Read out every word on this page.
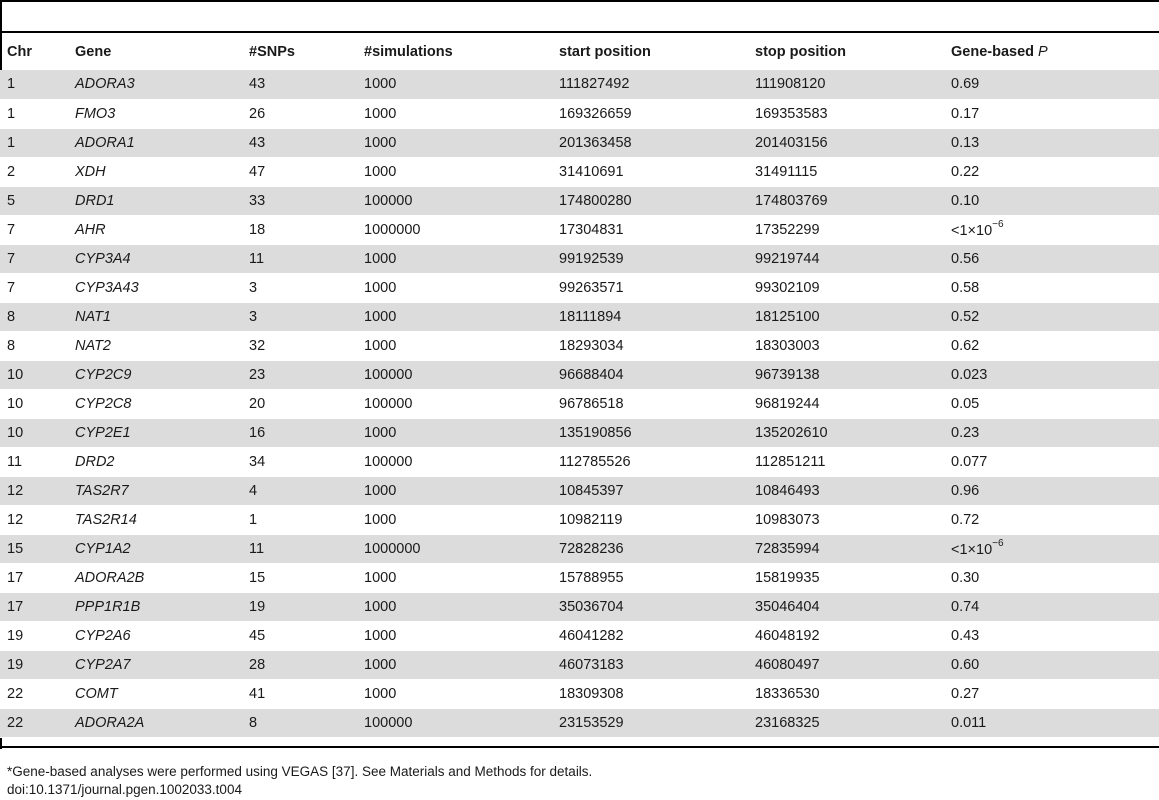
Chr	Gene	#SNPs	#simulations	start position	stop position	Gene-based P
1	ADORA3	43	1000	111827492	111908120	0.69
1	FMO3	26	1000	169326659	169353583	0.17
1	ADORA1	43	1000	201363458	201403156	0.13
2	XDH	47	1000	31410691	31491115	0.22
5	DRD1	33	100000	174800280	174803769	0.10
7	AHR	18	1000000	17304831	17352299	$<1\times 10^{-6}$
7	CYP3A4	11	1000	99192539	99219744	0.56
7	CYP3A43	3	1000	99263571	99302109	0.58
8	NAT1	3	1000	18111894	18125100	0.52
8	NAT2	32	1000	18293034	18303003	0.62
10	CYP2C9	23	100000	96688404	96739138	0.023
10	CYP2C8	20	100000	96786518	96819244	0.05
10	CYP2E1	16	1000	135190856	135202610	0.23
11	DRD2	34	100000	112785526	112851211	0.077
12	TAS2R7	4	1000	10845397	10846493	0.96
12	TAS2R14	1	1000	10982119	10983073	0.72
15	CYP1A2	11	1000000	72828236	72835994	$<1\times 10^{-6}$
17	ADORA2B	15	1000	15788955	15819935	0.30
17	PPP1R1B	19	1000	35036704	35046404	0.74
19	CYP2A6	45	1000	46041282	46048192	0.43
19	CYP2A7	28	1000	46073183	46080497	0.60
22	COMT	41	1000	18309308	18336530	0.27
22	ADORA2A	8	100000	23153529	23168325	0.011
*Gene-based analyses were performed using VEGAS [37]. See Materials and Methods for details.
doi:10.1371/journal.pgen.1002033.t004
